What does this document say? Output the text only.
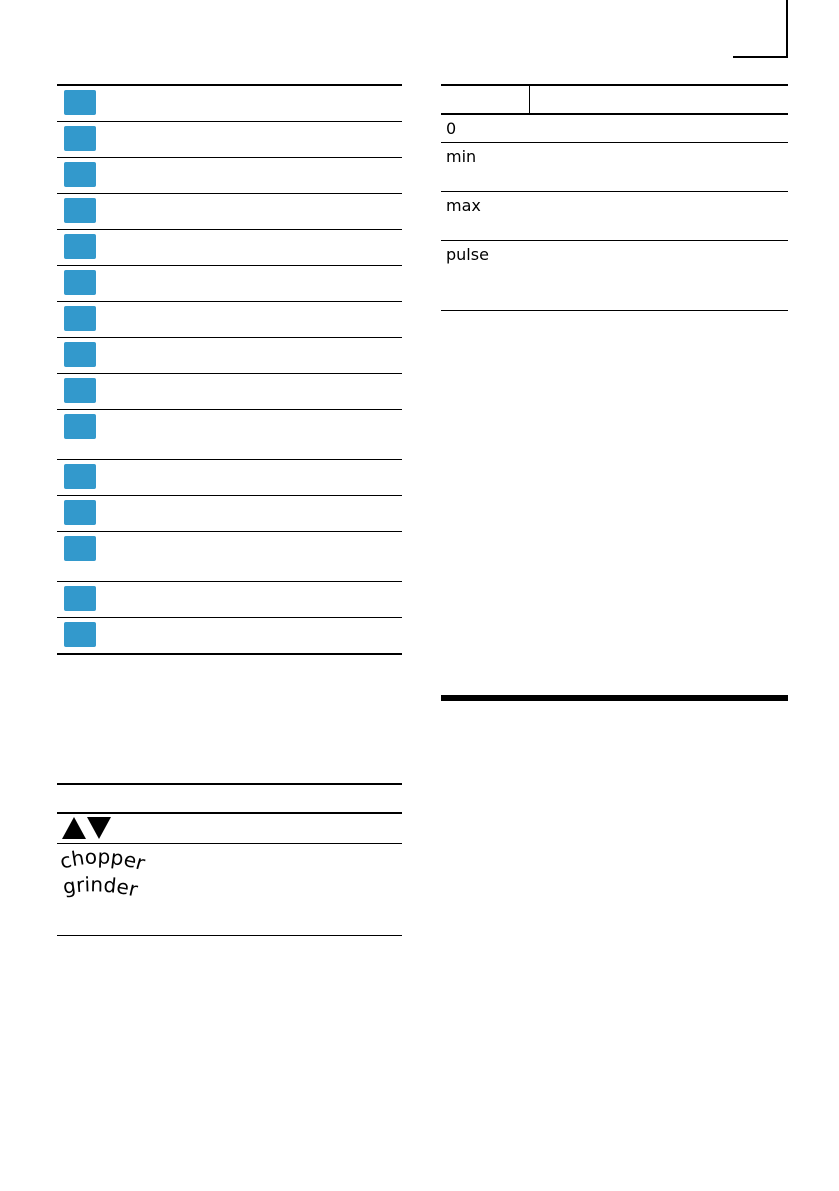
0
min
max
pulse
chopper
grinder
